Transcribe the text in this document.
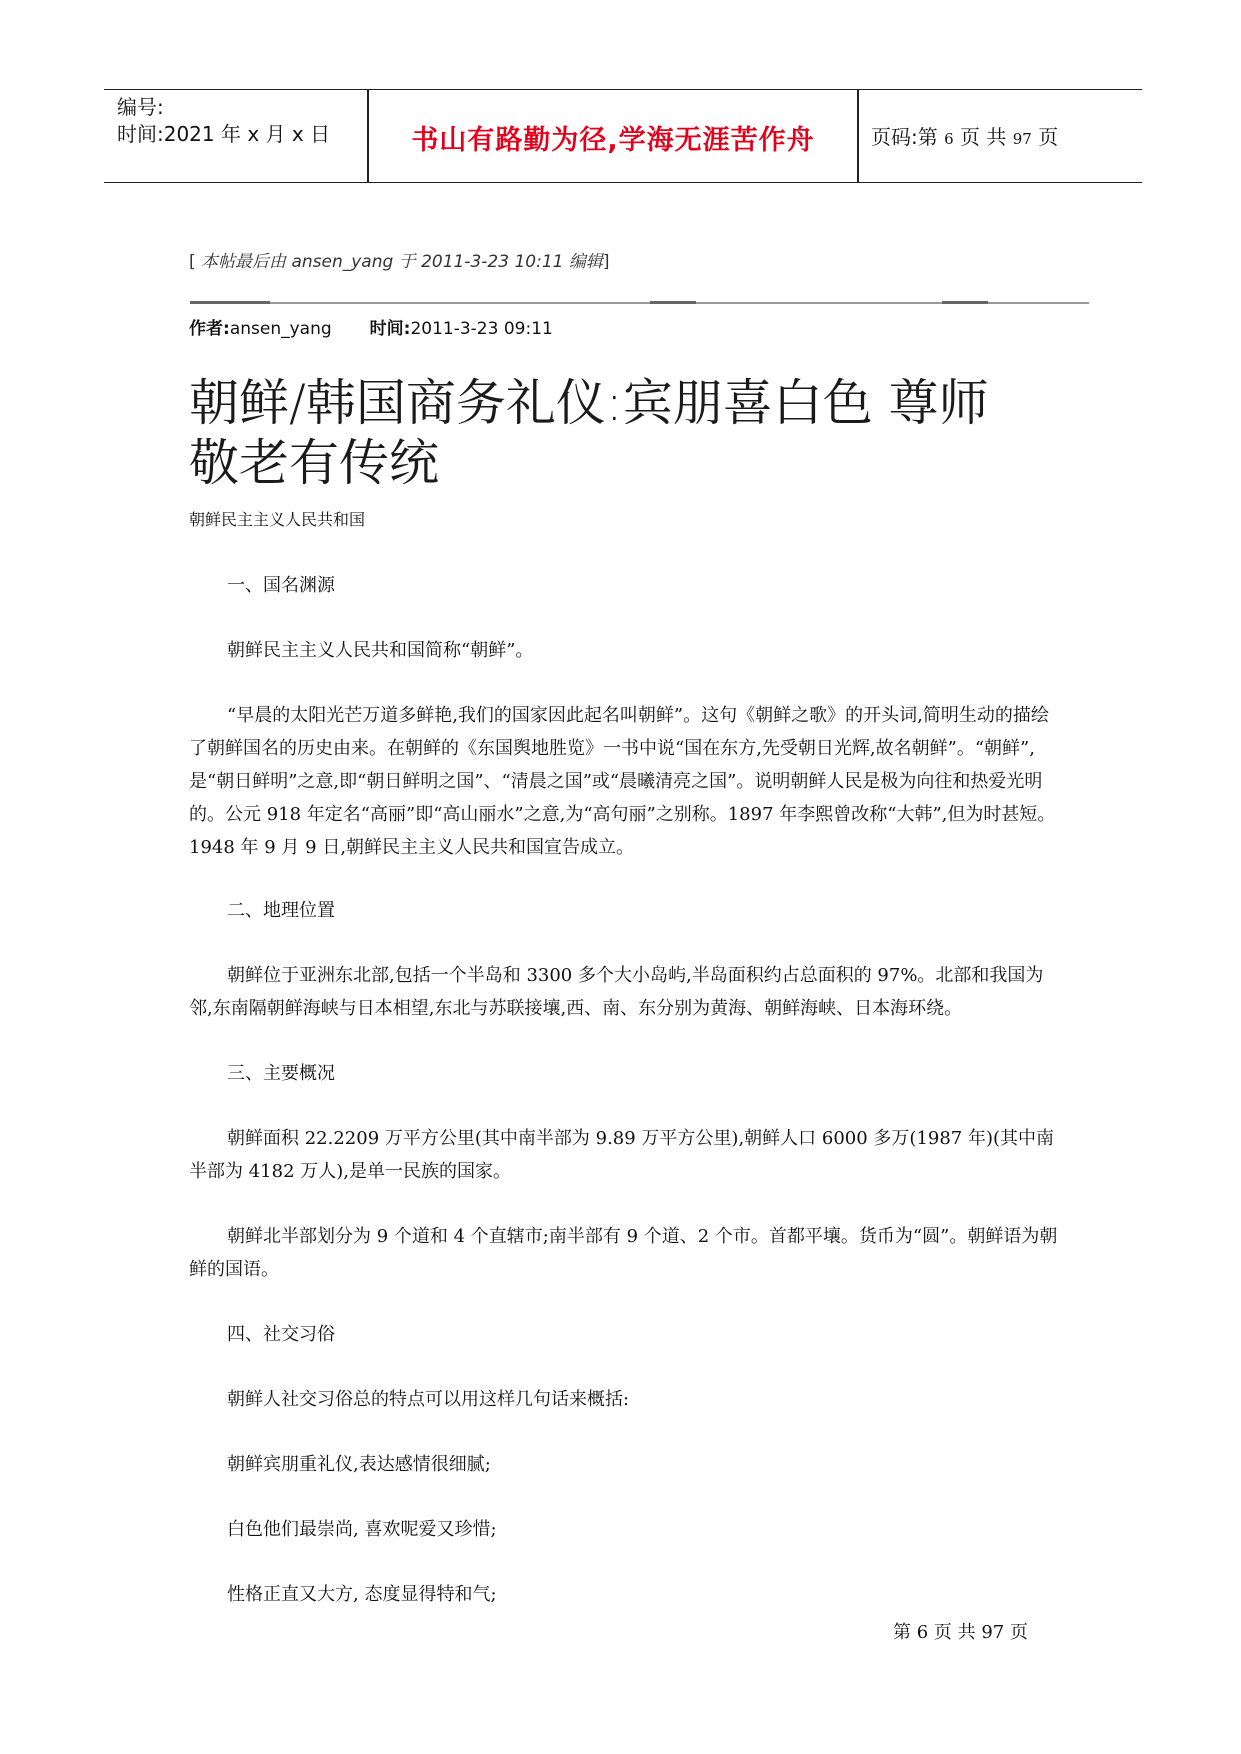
编号:
时间:2021 年 x 月 x 日	书山有路勤为径,学海无涯苦作舟	页码:第 6 页 共 97 页
[ 本帖最后由 ansen_yang 于 2011-3-23 10:11 编辑]
作者:ansen_yang 时间:2011-3-23 09:11
朝鲜/韩国商务礼仪:宾朋喜白色 尊师
敬老有传统
朝鲜民主主义人民共和国
一、国名渊源
朝鲜民主主义人民共和国简称“朝鲜”。
“早晨的太阳光芒万道多鲜艳,我们的国家因此起名叫朝鲜”。这句《朝鲜之歌》的开头词,简明生动的描绘了朝鲜国名的历史由来。在朝鲜的《东国舆地胜览》一书中说“国在东方,先受朝日光辉,故名朝鲜”。“朝鲜”,是“朝日鲜明”之意,即“朝日鲜明之国”、“清晨之国”或“晨曦清亮之国”。说明朝鲜人民是极为向往和热爱光明的。公元 918 年定名“高丽”即“高山丽水”之意,为“高句丽”之别称。1897 年李熙曾改称“大韩”,但为时甚短。1948 年 9 月 9 日,朝鲜民主主义人民共和国宣告成立。
二、地理位置
朝鲜位于亚洲东北部,包括一个半岛和 3300 多个大小岛屿,半岛面积约占总面积的 97%。北部和我国为邻,东南隔朝鲜海峡与日本相望,东北与苏联接壤,西、南、东分别为黄海、朝鲜海峡、日本海环绕。
三、主要概况
朝鲜面积 22.2209 万平方公里(其中南半部为 9.89 万平方公里),朝鲜人口 6000 多万(1987 年)(其中南半部为 4182 万人),是单一民族的国家。
朝鲜北半部划分为 9 个道和 4 个直辖市;南半部有 9 个道、2 个市。首都平壤。货币为“圆”。朝鲜语为朝鲜的国语。
四、社交习俗
朝鲜人社交习俗总的特点可以用这样几句话来概括:
朝鲜宾朋重礼仪,表达感情很细腻;
白色他们最崇尚, 喜欢呢爱又珍惜;
性格正直又大方, 态度显得特和气;
第 6 页 共 97 页
